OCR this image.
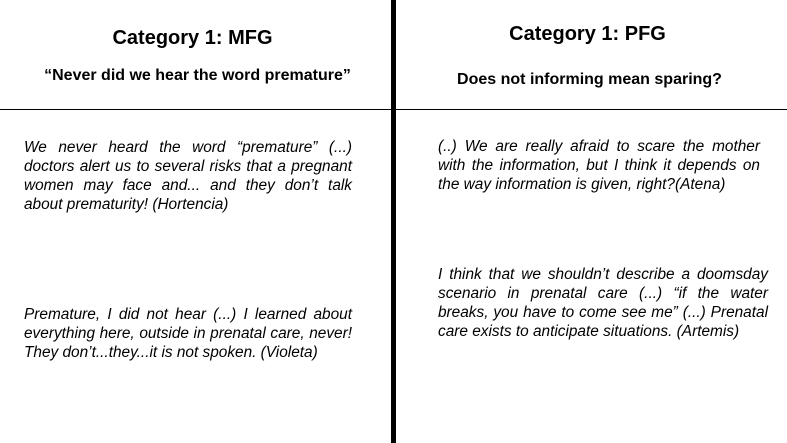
Category 1: MFG
“Never did we hear the word premature”

We never heard the word “premature” (...) doctors alert us to several risks that a pregnant women may face and... and they don’t talk about prematurity! (Hortencia)

Premature, I did not hear (...) I learned about everything here, outside in prenatal care, never! They don’t...they...it is not spoken. (Violeta)

Category 1: PFG
Does not informing mean sparing?

(..) We are really afraid to scare the mother with the information, but I think it depends on the way information is given, right?(Atena)

I think that we shouldn’t describe a doomsday scenario in prenatal care (...) “if the water breaks, you have to come see me” (...) Prenatal care exists to anticipate situations. (Artemis)
